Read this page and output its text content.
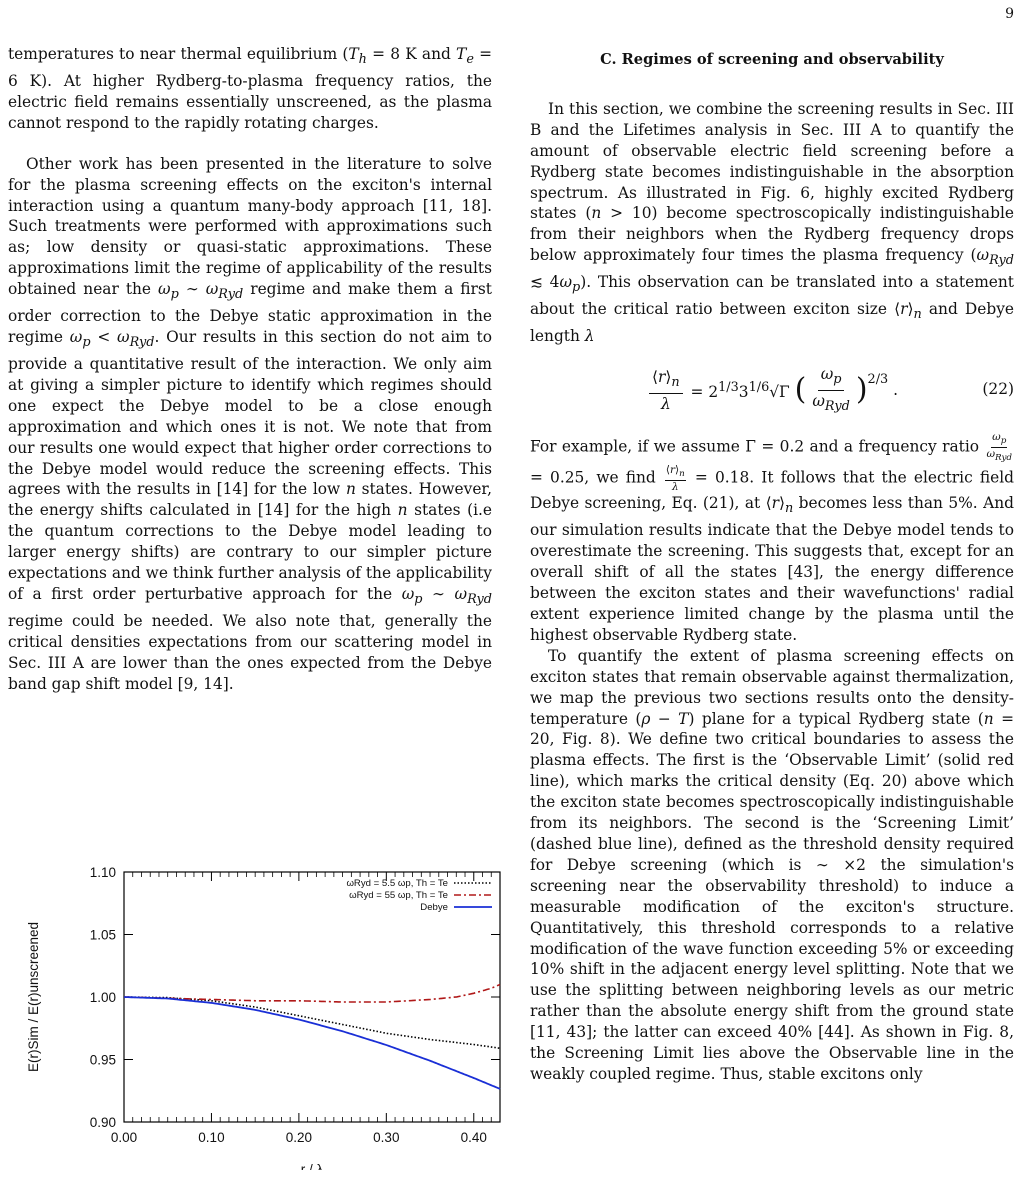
9

temperatures to near thermal equilibrium ($T_h = 8$ K and $T_e = 6$ K). At higher Rydberg-to-plasma frequency ratios, the electric field remains essentially unscreened, as the plasma cannot respond to the rapidly rotating charges.

Other work has been presented in the literature to solve for the plasma screening effects on the exciton's internal interaction using a quantum many-body approach [11, 18]. Such treatments were performed with approximations such as; low density or quasi-static approximations. These approximations limit the regime of applicability of the results obtained near the $\omega_p$ ∼ $\omega_{Ryd}$ regime and make them a first order correction to the Debye static approximation in the regime $\omega_p < \omega_{Ryd}$. Our results in this section do not aim to provide a quantitative result of the interaction. We only aim at giving a simpler picture to identify which regimes should one expect the Debye model to be a close enough approximation and which ones it is not. We note that from our results one would expect that higher order corrections to the Debye model would reduce the screening effects. This agrees with the results in [14] for the low n states. However, the energy shifts calculated in [14] for the high n states (i.e the quantum corrections to the Debye model leading to larger energy shifts) are contrary to our simpler picture expectations and we think further analysis of the applicability of a first order perturbative approach for the $\omega_p$ ∼ $\omega_{Ryd}$ regime could be needed. We also note that, generally the critical densities expectations from our scattering model in Sec. III A are lower than the ones expected from the Debye band gap shift model [9, 14].

0.00	0.10	0.20	0.30	0.40
0.90
0.95
1.00
1.05
1.10
r / λ
E(r)Sim / E(r)unscreened
ωRyd = 5.5 ωp, Th = Te
ωRyd = 55 ωp, Th = Te
Debye
C. Regimes of screening and observability

In this section, we combine the screening results in Sec. III B and the Lifetimes analysis in Sec. III A to quantify the amount of observable electric field screening before a Rydberg state becomes indistinguishable in the absorption spectrum. As illustrated in Fig. 6, highly excited Rydberg states (n > 10) become spectroscopically indistinguishable from their neighbors when the Rydberg frequency drops below approximately four times the plasma frequency ($\omega_{Ryd}$ ≲ $4\omega_p$). This observation can be translated into a statement about the critical ratio between exciton size $⟨r⟩_n$ and Debye length λ

$\frac{⟨r⟩_n}{\lambda} = 2^{1/3}3^{1/6}√\Gamma$ ( $\frac{\omega_p}{\omega_{Ryd}} )^{2/3}$
.	(22)

For example, if we assume Γ = 0.2 and a frequency ratio
$\omega_p$
$\omega_{Ryd}$
= 0.25, we find $\frac{⟨r⟩_n}{\lambda} = 0.18$. It follows that the electric field Debye screening, Eq. (21), at $⟨r⟩_n$ becomes less than 5%. And our simulation results indicate that the Debye model tends to overestimate the screening. This suggests that, except for an overall shift of all the states [43], the energy difference between the exciton states and their wavefunctions' radial extent experience limited change by the plasma until the highest observable Rydberg state.

To quantify the extent of plasma screening effects on exciton states that remain observable against thermalization, we map the previous two sections results onto the density-temperature (ρ − T) plane for a typical Rydberg state (n = 20, Fig. 8). We define two critical boundaries to assess the plasma effects. The first is the ‘Observable Limit’ (solid red line), which marks the critical density (Eq. 20) above which the exciton state becomes spectroscopically indistinguishable from its neighbors. The second is the ‘Screening Limit’ (dashed blue line), defined as the threshold density required for Debye screening (which is ∼ ×2 the simulation's screening near the observability threshold) to induce a measurable modification of the exciton's structure. Quantitatively, this threshold corresponds to a relative modification of the wave function exceeding 5% or exceeding 10% shift in the adjacent energy level splitting. Note that we use the splitting between neighboring levels as our metric rather than the absolute energy shift from the ground state [11, 43]; the latter can exceed 40% [44]. As shown in Fig. 8, the Screening Limit lies above the Observable line in the weakly coupled regime. Thus, stable excitons only
